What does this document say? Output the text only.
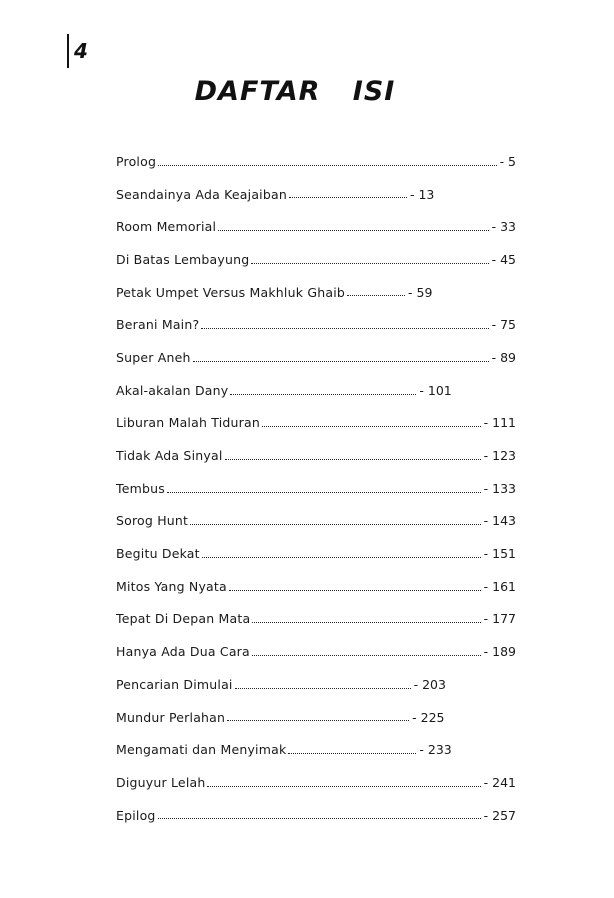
4
DAFTAR ISI
Prolog	- 5
Seandainya Ada Keajaiban	- 13
Room Memorial	- 33
Di Batas Lembayung	- 45
Petak Umpet Versus Makhluk Ghaib	- 59
Berani Main?	- 75
Super Aneh	- 89
Akal-akalan Dany	- 101
Liburan Malah Tiduran	- 111
Tidak Ada Sinyal	- 123
Tembus	- 133
Sorog Hunt	- 143
Begitu Dekat	- 151
Mitos Yang Nyata	- 161
Tepat Di Depan Mata	- 177
Hanya Ada Dua Cara	- 189
Pencarian Dimulai	- 203
Mundur Perlahan	- 225
Mengamati dan Menyimak	- 233
Diguyur Lelah	- 241
Epilog	- 257
